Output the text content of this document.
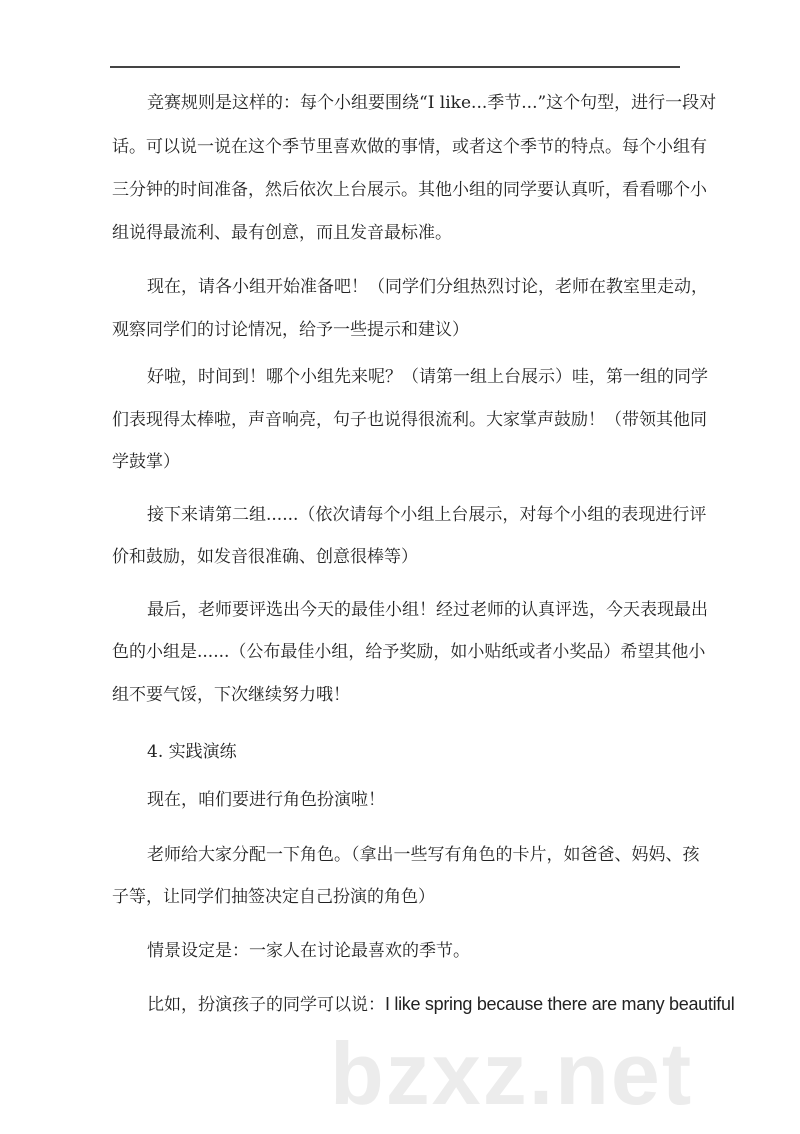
竞赛规则是这样的：每个小组要围绕“I like...季节...”这个句型，进行一段对
话。可以说一说在这个季节里喜欢做的事情，或者这个季节的特点。每个小组有
三分钟的时间准备，然后依次上台展示。其他小组的同学要认真听，看看哪个小
组说得最流利、最有创意，而且发音最标准。
现在，请各小组开始准备吧！（同学们分组热烈讨论，老师在教室里走动，
观察同学们的讨论情况，给予一些提示和建议）
好啦，时间到！哪个小组先来呢？（请第一组上台展示）哇，第一组的同学
们表现得太棒啦，声音响亮，句子也说得很流利。大家掌声鼓励！（带领其他同
学鼓掌）
接下来请第二组......（依次请每个小组上台展示，对每个小组的表现进行评
价和鼓励，如发音很准确、创意很棒等）
最后，老师要评选出今天的最佳小组！经过老师的认真评选，今天表现最出
色的小组是......（公布最佳小组，给予奖励，如小贴纸或者小奖品）希望其他小
组不要气馁，下次继续努力哦！
4. 实践演练
现在，咱们要进行角色扮演啦！
老师给大家分配一下角色。（拿出一些写有角色的卡片，如爸爸、妈妈、孩
子等，让同学们抽签决定自己扮演的角色）
情景设定是：一家人在讨论最喜欢的季节。
比如，扮演孩子的同学可以说：I like spring because there are many beautiful
bzxz.net
